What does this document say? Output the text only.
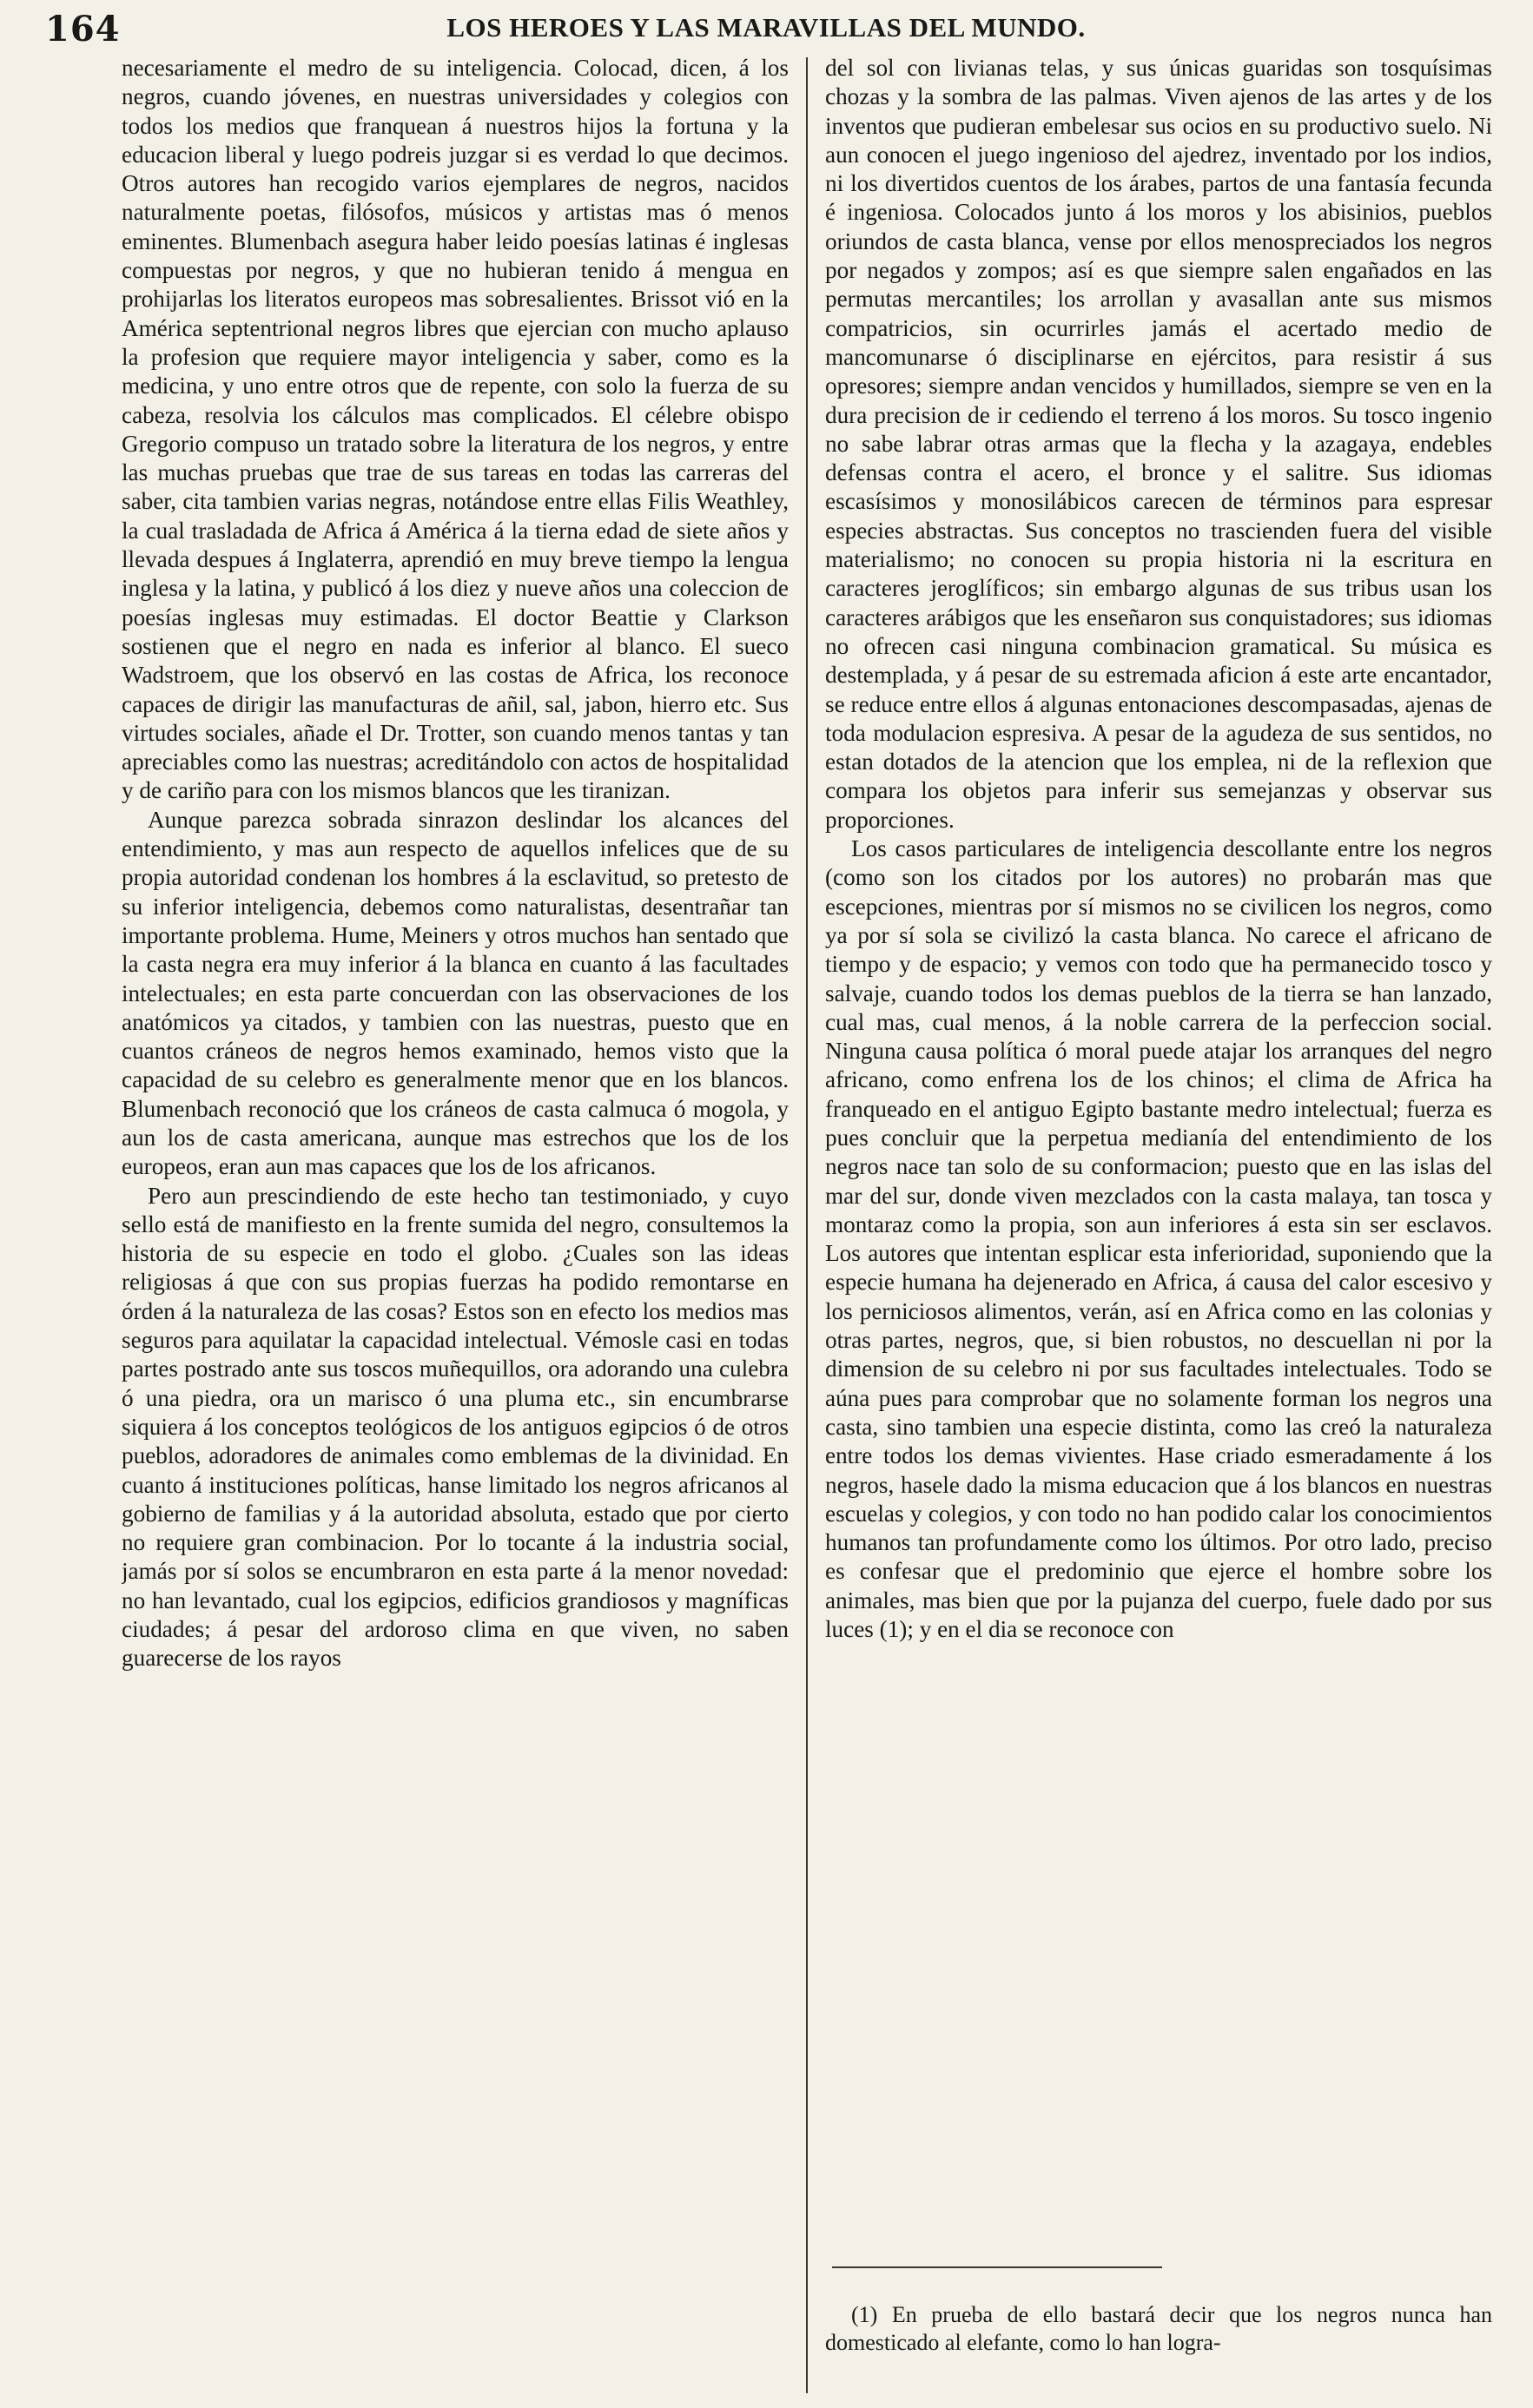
164	LOS HEROES Y LAS MARAVILLAS DEL MUNDO.

necesariamente el medro de su inteligencia. Colocad, dicen, á los negros, cuando jóvenes, en nuestras universidades y colegios con todos los medios que franquean á nuestros hijos la fortuna y la educacion liberal y luego podreis juzgar si es verdad lo que decimos. Otros autores han recogido varios ejemplares de negros, nacidos naturalmente poetas, filósofos, músicos y artistas mas ó menos eminentes. Blumenbach asegura haber leido poesías latinas é inglesas compuestas por negros, y que no hubieran tenido á mengua en prohijarlas los literatos europeos mas sobresalientes. Brissot vió en la América septentrional negros libres que ejercian con mucho aplauso la profesion que requiere mayor inteligencia y saber, como es la medicina, y uno entre otros que de repente, con solo la fuerza de su cabeza, resolvia los cálculos mas complicados. El célebre obispo Gregorio compuso un tratado sobre la literatura de los negros, y entre las muchas pruebas que trae de sus tareas en todas las carreras del saber, cita tambien varias negras, notándose entre ellas Filis Weathley, la cual trasladada de Africa á América á la tierna edad de siete años y llevada despues á Inglaterra, aprendió en muy breve tiempo la lengua inglesa y la latina, y publicó á los diez y nueve años una coleccion de poesías inglesas muy estimadas. El doctor Beattie y Clarkson sostienen que el negro en nada es inferior al blanco. El sueco Wadstroem, que los observó en las costas de Africa, los reconoce capaces de dirigir las manufacturas de añil, sal, jabon, hierro etc. Sus virtudes sociales, añade el Dr. Trotter, son cuando menos tantas y tan apreciables como las nuestras; acreditándolo con actos de hospitalidad y de cariño para con los mismos blancos que les tiranizan.

Aunque parezca sobrada sinrazon deslindar los alcances del entendimiento, y mas aun respecto de aquellos infelices que de su propia autoridad condenan los hombres á la esclavitud, so pretesto de su inferior inteligencia, debemos como naturalistas, desentrañar tan importante problema. Hume, Meiners y otros muchos han sentado que la casta negra era muy inferior á la blanca en cuanto á las facultades intelectuales; en esta parte concuerdan con las observaciones de los anatómicos ya citados, y tambien con las nuestras, puesto que en cuantos cráneos de negros hemos examinado, hemos visto que la capacidad de su celebro es generalmente menor que en los blancos. Blumenbach reconoció que los cráneos de casta calmuca ó mogola, y aun los de casta americana, aunque mas estrechos que los de los europeos, eran aun mas capaces que los de los africanos.

Pero aun prescindiendo de este hecho tan testimoniado, y cuyo sello está de manifiesto en la frente sumida del negro, consultemos la historia de su especie en todo el globo. ¿Cuales son las ideas religiosas á que con sus propias fuerzas ha podido remontarse en órden á la naturaleza de las cosas? Estos son en efecto los medios mas seguros para aquilatar la capacidad intelectual. Vémosle casi en todas partes postrado ante sus toscos muñequillos, ora adorando una culebra ó una piedra, ora un marisco ó una pluma etc., sin encumbrarse siquiera á los conceptos teológicos de los antiguos egipcios ó de otros pueblos, adoradores de animales como emblemas de la divinidad. En cuanto á instituciones políticas, hanse limitado los negros africanos al gobierno de familias y á la autoridad absoluta, estado que por cierto no requiere gran combinacion. Por lo tocante á la industria social, jamás por sí solos se encumbraron en esta parte á la menor novedad: no han levantado, cual los egipcios, edificios grandiosos y magníficas ciudades; á pesar del ardoroso clima en que viven, no saben guarecerse de los rayos

del sol con livianas telas, y sus únicas guaridas son tosquísimas chozas y la sombra de las palmas. Viven ajenos de las artes y de los inventos que pudieran embelesar sus ocios en su productivo suelo. Ni aun conocen el juego ingenioso del ajedrez, inventado por los indios, ni los divertidos cuentos de los árabes, partos de una fantasía fecunda é ingeniosa. Colocados junto á los moros y los abisinios, pueblos oriundos de casta blanca, vense por ellos menospreciados los negros por negados y zompos; así es que siempre salen engañados en las permutas mercantiles; los arrollan y avasallan ante sus mismos compatricios, sin ocurrirles jamás el acertado medio de mancomunarse ó disciplinarse en ejércitos, para resistir á sus opresores; siempre andan vencidos y humillados, siempre se ven en la dura precision de ir cediendo el terreno á los moros. Su tosco ingenio no sabe labrar otras armas que la flecha y la azagaya, endebles defensas contra el acero, el bronce y el salitre. Sus idiomas escasísimos y monosilábicos carecen de términos para espresar especies abstractas. Sus conceptos no trascienden fuera del visible materialismo; no conocen su propia historia ni la escritura en caracteres jeroglíficos; sin embargo algunas de sus tribus usan los caracteres arábigos que les enseñaron sus conquistadores; sus idiomas no ofrecen casi ninguna combinacion gramatical. Su música es destemplada, y á pesar de su estremada aficion á este arte encantador, se reduce entre ellos á algunas entonaciones descompasadas, ajenas de toda modulacion espresiva. A pesar de la agudeza de sus sentidos, no estan dotados de la atencion que los emplea, ni de la reflexion que compara los objetos para inferir sus semejanzas y observar sus proporciones.

Los casos particulares de inteligencia descollante entre los negros (como son los citados por los autores) no probarán mas que escepciones, mientras por sí mismos no se civilicen los negros, como ya por sí sola se civilizó la casta blanca. No carece el africano de tiempo y de espacio; y vemos con todo que ha permanecido tosco y salvaje, cuando todos los demas pueblos de la tierra se han lanzado, cual mas, cual menos, á la noble carrera de la perfeccion social. Ninguna causa política ó moral puede atajar los arranques del negro africano, como enfrena los de los chinos; el clima de Africa ha franqueado en el antiguo Egipto bastante medro intelectual; fuerza es pues concluir que la perpetua medianía del entendimiento de los negros nace tan solo de su conformacion; puesto que en las islas del mar del sur, donde viven mezclados con la casta malaya, tan tosca y montaraz como la propia, son aun inferiores á esta sin ser esclavos. Los autores que intentan esplicar esta inferioridad, suponiendo que la especie humana ha dejenerado en Africa, á causa del calor escesivo y los perniciosos alimentos, verán, así en Africa como en las colonias y otras partes, negros, que, si bien robustos, no descuellan ni por la dimension de su celebro ni por sus facultades intelectuales. Todo se aúna pues para comprobar que no solamente forman los negros una casta, sino tambien una especie distinta, como las creó la naturaleza entre todos los demas vivientes. Hase criado esmeradamente á los negros, hasele dado la misma educacion que á los blancos en nuestras escuelas y colegios, y con todo no han podido calar los conocimientos humanos tan profundamente como los últimos. Por otro lado, preciso es confesar que el predominio que ejerce el hombre sobre los animales, mas bien que por la pujanza del cuerpo, fuele dado por sus luces (1); y en el dia se reconoce con

(1) En prueba de ello bastará decir que los negros nunca han domesticado al elefante, como lo han logra-
